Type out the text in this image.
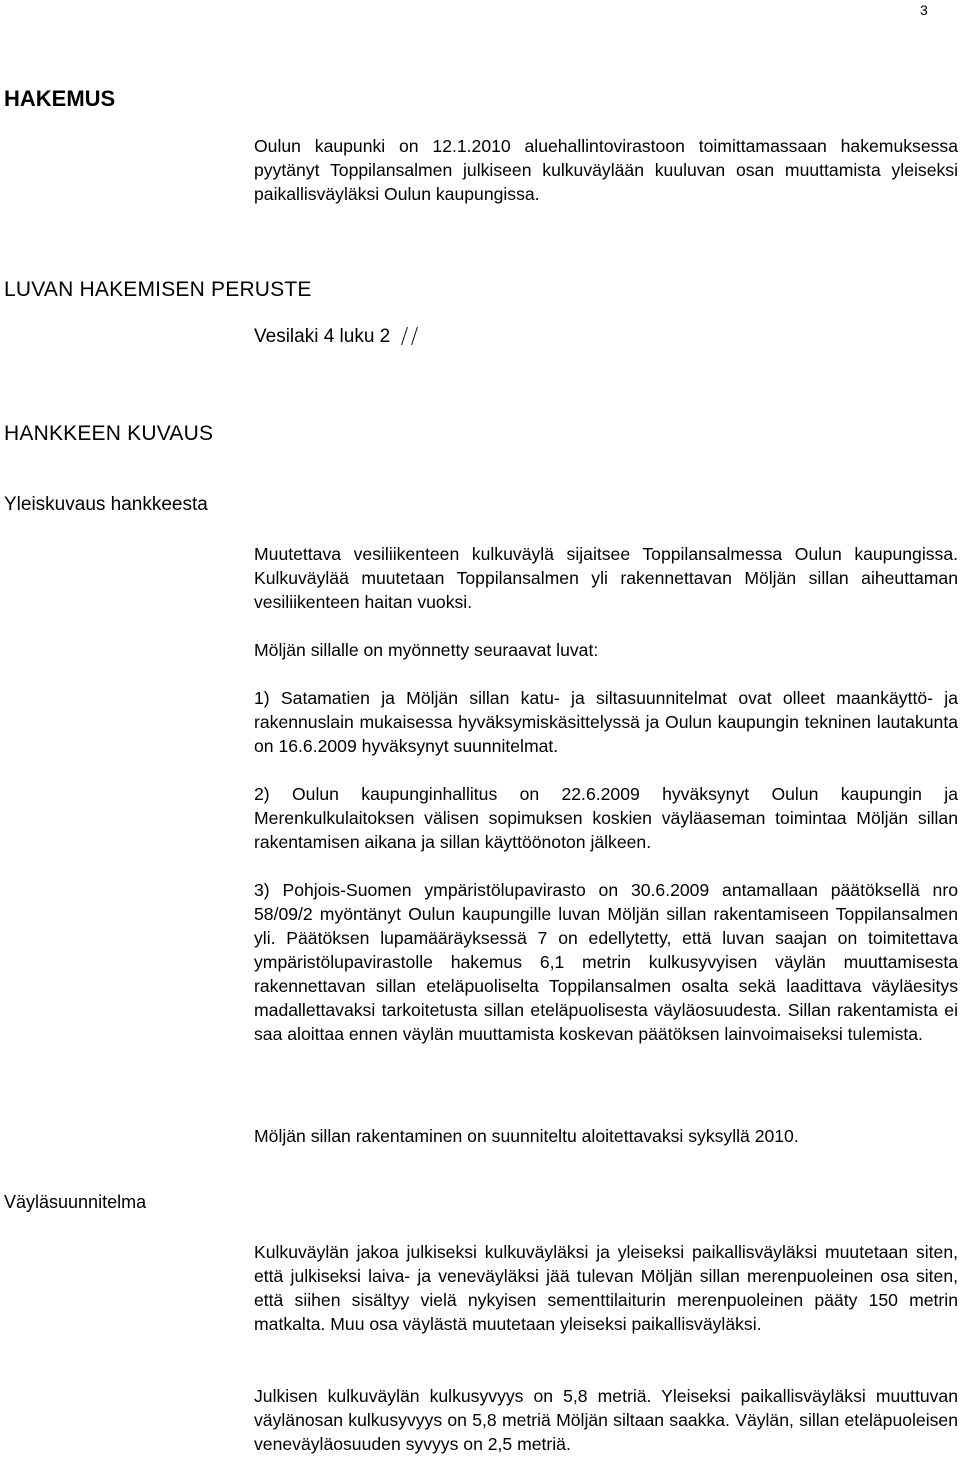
3
HAKEMUS

Oulun kaupunki on 12.1.2010 aluehallintovirastoon toimittamassaan hakemuksessa pyytänyt Toppilansalmen julkiseen kulkuväylään kuuluvan osan muuttamista yleiseksi paikallisväyläksi Oulun kaupungissa.

LUVAN HAKEMISEN PERUSTE
Vesilaki 4 luku 2
HANKKEEN KUVAUS
Yleiskuvaus hankkeesta

Muutettava vesiliikenteen kulkuväylä sijaitsee Toppilansalmessa Oulun kaupungissa. Kulkuväylää muutetaan Toppilansalmen yli rakennettavan Möljän sillan aiheuttaman vesiliikenteen haitan vuoksi.

Möljän sillalle on myönnetty seuraavat luvat:

1) Satamatien ja Möljän sillan katu- ja siltasuunnitelmat ovat olleet maankäyttö- ja rakennuslain mukaisessa hyväksymiskäsittelyssä ja Oulun kaupungin tekninen lautakunta on 16.6.2009 hyväksynyt suunnitelmat.

2) Oulun kaupunginhallitus on 22.6.2009 hyväksynyt Oulun kaupungin ja Merenkulkulaitoksen välisen sopimuksen koskien väyläaseman toimintaa Möljän sillan rakentamisen aikana ja sillan käyttöönoton jälkeen.

3) Pohjois-Suomen ympäristölupavirasto on 30.6.2009 antamallaan päätöksellä nro 58/09/2 myöntänyt Oulun kaupungille luvan Möljän sillan rakentamiseen Toppilansalmen yli. Päätöksen lupamääräyksessä 7 on edellytetty, että luvan saajan on toimitettava ympäristölupavirastolle hakemus 6,1 metrin kulkusyvyisen väylän muuttamisesta rakennettavan sillan eteläpuoliselta Toppilansalmen osalta sekä laadittava väyläesitys madallettavaksi tarkoitetusta sillan eteläpuolisesta väyläosuudesta. Sillan rakentamista ei saa aloittaa ennen väylän muuttamista koskevan päätöksen lainvoimaiseksi tulemista.

Möljän sillan rakentaminen on suunniteltu aloitettavaksi syksyllä 2010.

Väyläsuunnitelma

Kulkuväylän jakoa julkiseksi kulkuväyläksi ja yleiseksi paikallisväyläksi muutetaan siten, että julkiseksi laiva- ja veneväyläksi jää tulevan Möljän sillan merenpuoleinen osa siten, että siihen sisältyy vielä nykyisen sementtilaiturin merenpuoleinen pääty 150 metrin matkalta. Muu osa väylästä muutetaan yleiseksi paikallisväyläksi.

Julkisen kulkuväylän kulkusyvyys on 5,8 metriä. Yleiseksi paikallisväyläksi muuttuvan väylänosan kulkusyvyys on 5,8 metriä Möljän siltaan saakka. Väylän, sillan eteläpuoleisen veneväyläosuuden syvyys on 2,5 metriä.
